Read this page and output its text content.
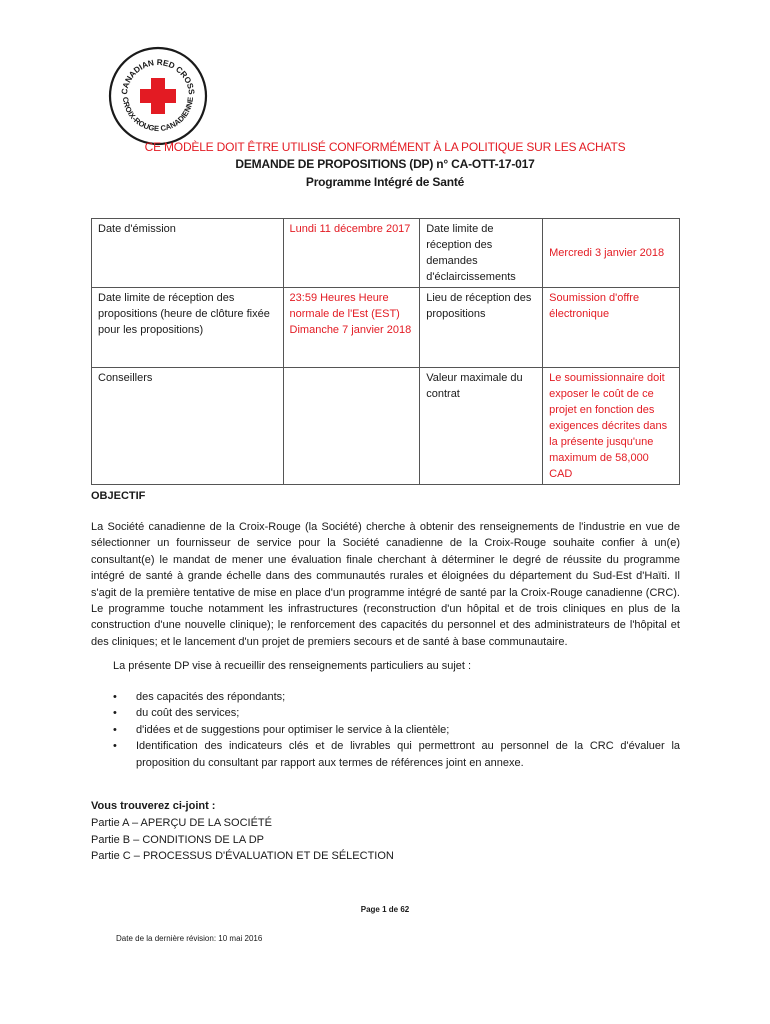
CANADIAN RED CROSS
CROIX-ROUGE CANADIENNE
CE MODÈLE DOIT ÊTRE UTILISÉ CONFORMÉMENT À LA POLITIQUE SUR LES ACHATS
DEMANDE DE PROPOSITIONS (DP) n° CA-OTT-17-017
Programme Intégré de Santé
Date d'émission	Lundi 11 décembre 2017	Date limite de réception des demandes d'éclaircissements	Mercredi 3 janvier 2018
Date limite de réception des propositions (heure de clôture fixée pour les propositions)	23:59 Heures Heure normale de l'Est (EST) Dimanche 7 janvier 2018	Lieu de réception des propositions	Soumission d'offre électronique
Conseillers		Valeur maximale du contrat	Le soumissionnaire doit exposer le coût de ce projet en fonction des exigences décrites dans la présente jusqu'une maximum de 58,000 CAD
OBJECTIF
La Société canadienne de la Croix-Rouge (la Société) cherche à obtenir des renseignements de l'industrie en vue de sélectionner un fournisseur de service pour la Société canadienne de la Croix-Rouge souhaite confier à un(e) consultant(e) le mandat de mener une évaluation finale cherchant à déterminer le degré de réussite du programme intégré de santé à grande échelle dans des communautés rurales et éloignées du département du Sud-Est d'Haïti. Il s'agit de la première tentative de mise en place d'un programme intégré de santé par la Croix-Rouge canadienne (CRC). Le programme touche notamment les infrastructures (reconstruction d'un hôpital et de trois cliniques en plus de la construction d'une nouvelle clinique); le renforcement des capacités du personnel et des administrateurs de l'hôpital et des cliniques; et le lancement d'un projet de premiers secours et de santé à base communautaire.
La présente DP vise à recueillir des renseignements particuliers au sujet :
• des capacités des répondants;
• du coût des services;
• d'idées et de suggestions pour optimiser le service à la clientèle;
• Identification des indicateurs clés et de livrables qui permettront au personnel de la CRC d'évaluer la proposition du consultant par rapport aux termes de références joint en annexe.
Vous trouverez ci-joint :
Partie A – APERÇU DE LA SOCIÉTÉ
Partie B – CONDITIONS DE LA DP
Partie C – PROCESSUS D'ÉVALUATION ET DE SÉLECTION
Page 1 de 62
Date de la dernière révision: 10 mai 2016
